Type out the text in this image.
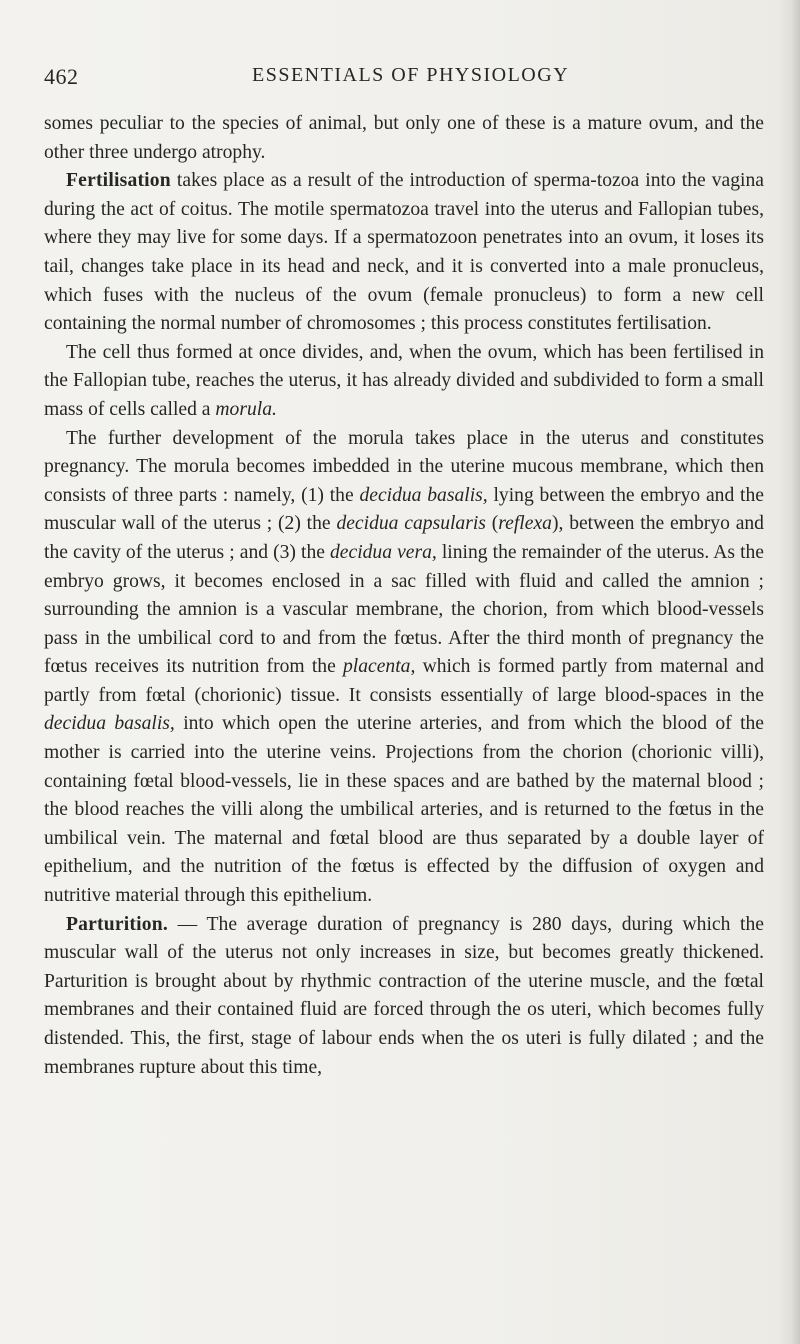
462	ESSENTIALS OF PHYSIOLOGY

somes peculiar to the species of animal, but only one of these is a mature ovum, and the other three undergo atrophy.

Fertilisation takes place as a result of the introduction of sperma-tozoa into the vagina during the act of coitus. The motile spermatozoa travel into the uterus and Fallopian tubes, where they may live for some days. If a spermatozoon penetrates into an ovum, it loses its tail, changes take place in its head and neck, and it is converted into a male pronucleus, which fuses with the nucleus of the ovum (female pronucleus) to form a new cell containing the normal number of chromosomes ; this process constitutes fertilisation.

The cell thus formed at once divides, and, when the ovum, which has been fertilised in the Fallopian tube, reaches the uterus, it has already divided and subdivided to form a small mass of cells called a morula.

The further development of the morula takes place in the uterus and constitutes pregnancy. The morula becomes imbedded in the uterine mucous membrane, which then consists of three parts : namely, (1) the decidua basalis, lying between the embryo and the muscular wall of the uterus ; (2) the decidua capsularis (reflexa), between the embryo and the cavity of the uterus ; and (3) the decidua vera, lining the remainder of the uterus. As the embryo grows, it becomes enclosed in a sac filled with fluid and called the amnion ; surrounding the amnion is a vascular membrane, the chorion, from which blood-vessels pass in the umbilical cord to and from the fœtus. After the third month of pregnancy the fœtus receives its nutrition from the placenta, which is formed partly from maternal and partly from fœtal (chorionic) tissue. It consists essentially of large blood-spaces in the decidua basalis, into which open the uterine arteries, and from which the blood of the mother is carried into the uterine veins. Projections from the chorion (chorionic villi), containing fœtal blood-vessels, lie in these spaces and are bathed by the maternal blood ; the blood reaches the villi along the umbilical arteries, and is returned to the fœtus in the umbilical vein. The maternal and fœtal blood are thus separated by a double layer of epithelium, and the nutrition of the fœtus is effected by the diffusion of oxygen and nutritive material through this epithelium.

Parturition. — The average duration of pregnancy is 280 days, during which the muscular wall of the uterus not only increases in size, but becomes greatly thickened. Parturition is brought about by rhythmic contraction of the uterine muscle, and the fœtal membranes and their contained fluid are forced through the os uteri, which becomes fully distended. This, the first, stage of labour ends when the os uteri is fully dilated ; and the membranes rupture about this time,
